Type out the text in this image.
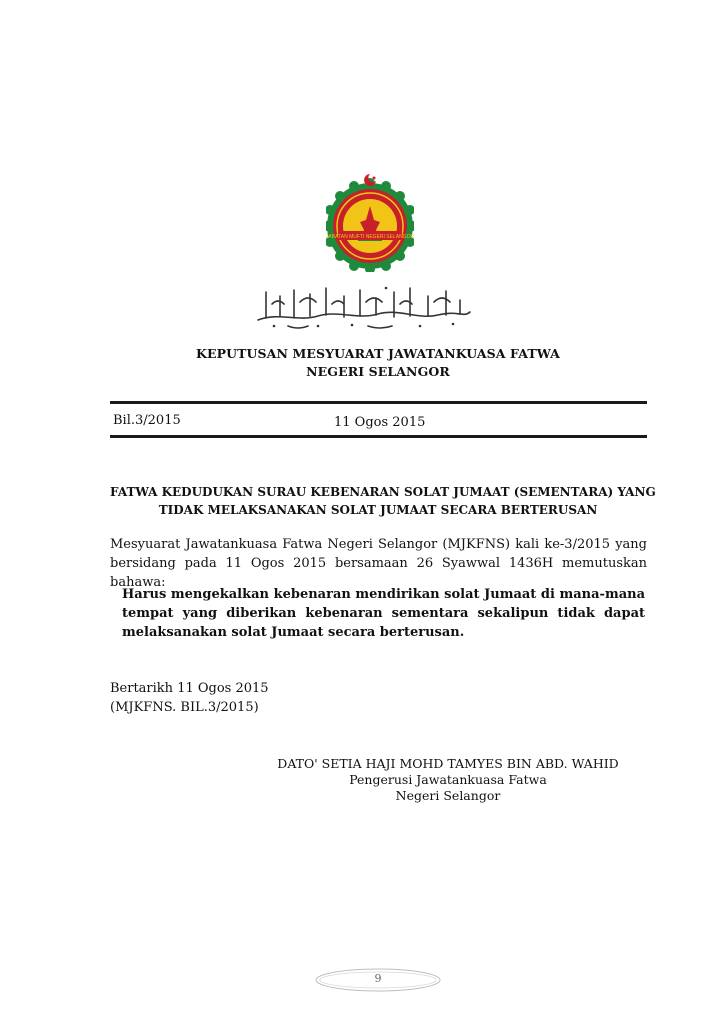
JABATAN MUFTI NEGERI SELANGOR
KEPUTUSAN MESYUARAT JAWATANKUASA FATWA
NEGERI SELANGOR
Bil.3/2015	11 Ogos 2015
FATWA KEDUDUKAN SURAU KEBENARAN SOLAT JUMAAT (SEMENTARA) YANG
TIDAK MELAKSANAKAN SOLAT JUMAAT SECARA BERTERUSAN
Mesyuarat Jawatankuasa Fatwa Negeri Selangor (MJKFNS) kali ke-3/2015 yang
bersidang pada 11 Ogos 2015 bersamaan 26 Syawwal 1436H memutuskan bahawa:
Harus mengekalkan kebenaran mendirikan solat Jumaat di mana-mana
tempat yang diberikan kebenaran sementara sekalipun tidak dapat
melaksanakan solat Jumaat secara berterusan.
Bertarikh 11 Ogos 2015
(MJKFNS. BIL.3/2015)
DATO' SETIA HAJI MOHD TAMYES BIN ABD. WAHID
Pengerusi Jawatankuasa Fatwa
Negeri Selangor
9
